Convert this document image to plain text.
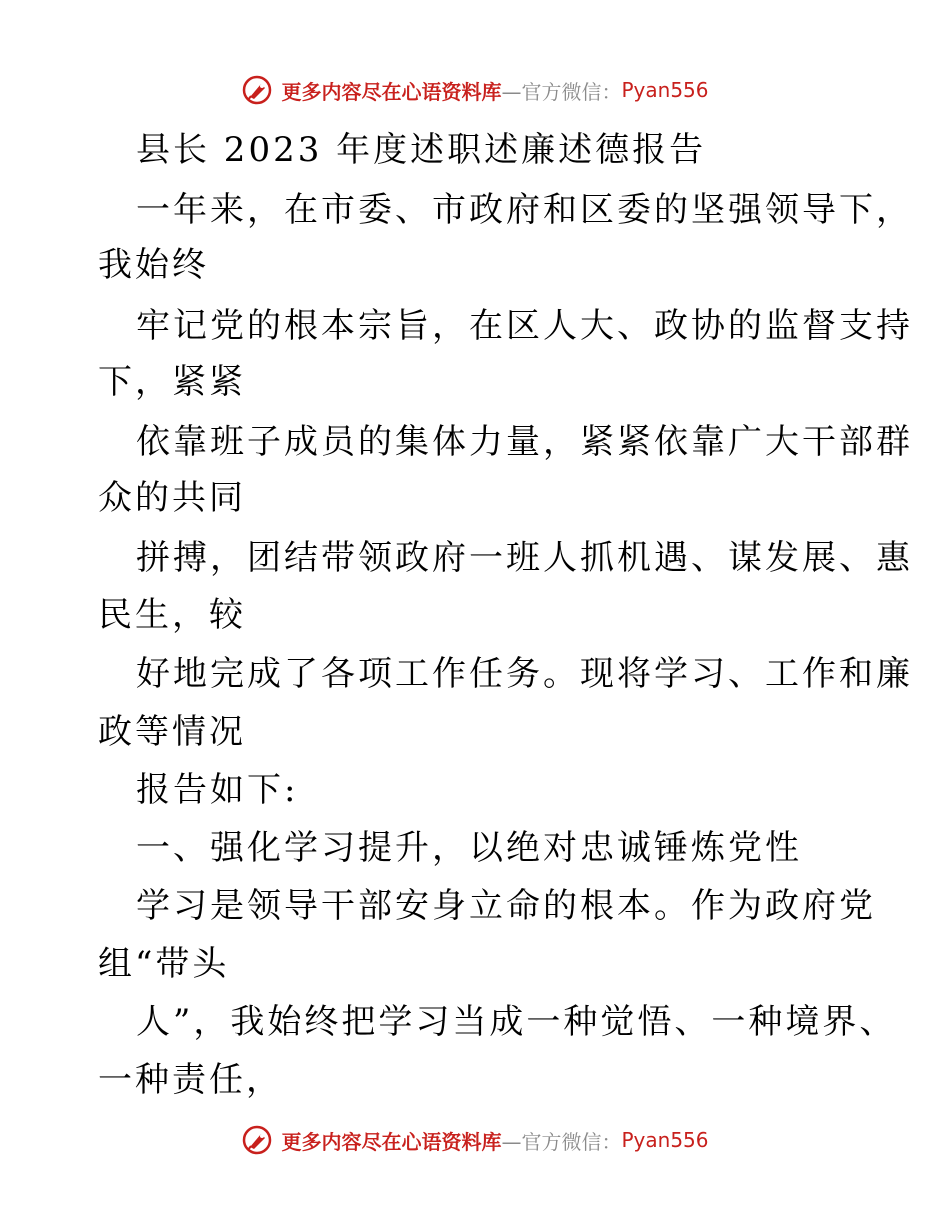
更多内容尽在心语资料库 —官方微信： Pyan556
县长 2023 年度述职述廉述德报告
一年来，在市委、市政府和区委的坚强领导下，
我始终
牢记党的根本宗旨，在区人大、政协的监督支持
下，紧紧
依靠班子成员的集体力量，紧紧依靠广大干部群
众的共同
拼搏，团结带领政府一班人抓机遇、谋发展、惠
民生，较
好地完成了各项工作任务。现将学习、工作和廉
政等情况
报告如下:
一、强化学习提升，以绝对忠诚锤炼党性
学习是领导干部安身立命的根本。作为政府党
组“带头
人”，我始终把学习当成一种觉悟、一种境界、
一种责任，
更多内容尽在心语资料库 —官方微信： Pyan556
